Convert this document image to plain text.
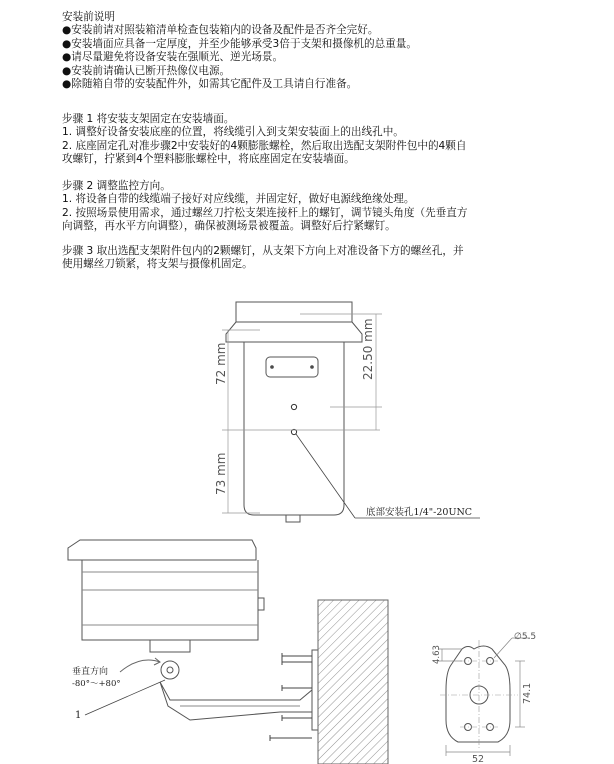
安装前说明
●安装前请对照装箱清单检查包装箱内的设备及配件是否齐全完好。
●安装墙面应具备一定厚度，并至少能够承受3倍于支架和摄像机的总重量。
●请尽量避免将设备安装在强顺光、逆光场景。
●安装前请确认已断开热像仪电源。
●除随箱自带的安装配件外，如需其它配件及工具请自行准备。
步骤 1 将安装支架固定在安装墙面。
1. 调整好设备安装底座的位置，将线缆引入到支架安装面上的出线孔中。
2. 底座固定孔对准步骤2中安装好的4颗膨胀螺栓，然后取出选配支架附件包中的4颗自
攻螺钉，拧紧到4个塑料膨胀螺栓中，将底座固定在安装墙面。
步骤 2 调整监控方向。
1. 将设备自带的线缆端子接好对应线缆，并固定好，做好电源线绝缘处理。
2. 按照场景使用需求，通过螺丝刀拧松支架连接杆上的螺钉，调节镜头角度（先垂直方
向调整，再水平方向调整），确保被测场景被覆盖。调整好后拧紧螺钉。
步骤 3 取出选配支架附件包内的2颗螺钉，从支架下方向上对准设备下方的螺丝孔，并
使用螺丝刀锁紧，将支架与摄像机固定。
72 mm
73 mm
22.50 mm
底部安装孔1/4"-20UNC
垂直方向
-80°～+80°
1
∅5.5
4.63
74.1
52
